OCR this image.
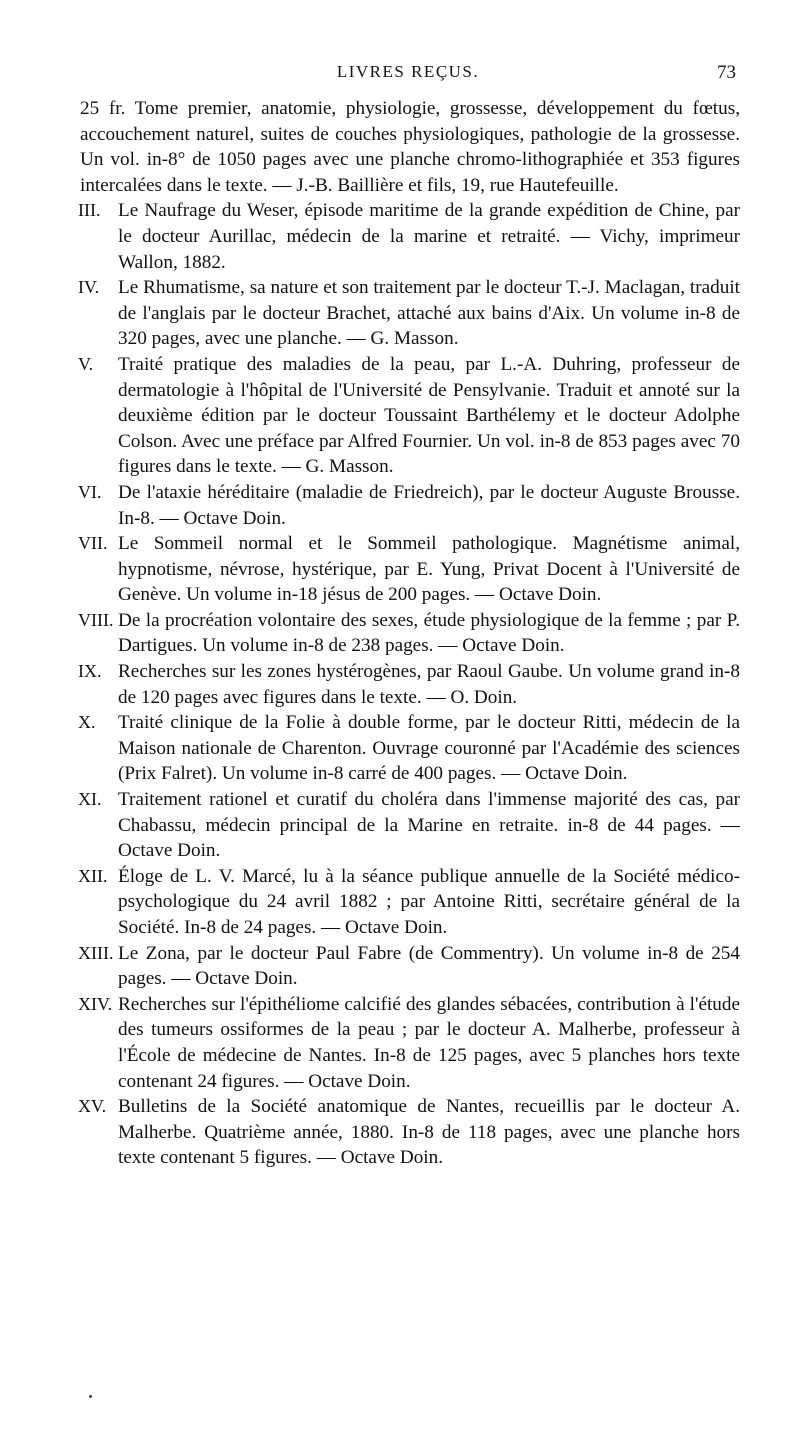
LIVRES REÇUS.	73

25 fr. Tome premier, anatomie, physiologie, grossesse, développement du fœtus, accouchement naturel, suites de couches physiologiques, pathologie de la grossesse. Un vol. in-8° de 1050 pages avec une planche chromo-lithographiée et 353 figures intercalées dans le texte. — J.-B. Baillière et fils, 19, rue Hautefeuille.

III. Le Naufrage du Weser, épisode maritime de la grande expédition de Chine, par le docteur Aurillac, médecin de la marine et retraité. — Vichy, imprimeur Wallon, 1882.

IV. Le Rhumatisme, sa nature et son traitement par le docteur T.-J. Maclagan, traduit de l'anglais par le docteur Brachet, attaché aux bains d'Aix. Un volume in-8 de 320 pages, avec une planche. — G. Masson.

V. Traité pratique des maladies de la peau, par L.-A. Duhring, professeur de dermatologie à l'hôpital de l'Université de Pensylvanie. Traduit et annoté sur la deuxième édition par le docteur Toussaint Barthélemy et le docteur Adolphe Colson. Avec une préface par Alfred Fournier. Un vol. in-8 de 853 pages avec 70 figures dans le texte. — G. Masson.

VI. De l'ataxie héréditaire (maladie de Friedreich), par le docteur Auguste Brousse. In-8. — Octave Doin.

VII. Le Sommeil normal et le Sommeil pathologique. Magnétisme animal, hypnotisme, névrose, hystérique, par E. Yung, Privat Docent à l'Université de Genève. Un volume in-18 jésus de 200 pages. — Octave Doin.

VIII. De la procréation volontaire des sexes, étude physiologique de la femme ; par P. Dartigues. Un volume in-8 de 238 pages. — Octave Doin.

IX. Recherches sur les zones hystérogènes, par Raoul Gaube. Un volume grand in-8 de 120 pages avec figures dans le texte. — O. Doin.

X. Traité clinique de la Folie à double forme, par le docteur Ritti, médecin de la Maison nationale de Charenton. Ouvrage couronné par l'Académie des sciences (Prix Falret). Un volume in-8 carré de 400 pages. — Octave Doin.

XI. Traitement rationel et curatif du choléra dans l'immense majorité des cas, par Chabassu, médecin principal de la Marine en retraite. in-8 de 44 pages. — Octave Doin.

XII. Éloge de L. V. Marcé, lu à la séance publique annuelle de la Société médico-psychologique du 24 avril 1882 ; par Antoine Ritti, secrétaire général de la Société. In-8 de 24 pages. — Octave Doin.

XIII. Le Zona, par le docteur Paul Fabre (de Commentry). Un volume in-8 de 254 pages. — Octave Doin.

XIV. Recherches sur l'épithéliome calcifié des glandes sébacées, contribution à l'étude des tumeurs ossiformes de la peau ; par le docteur A. Malherbe, professeur à l'École de médecine de Nantes. In-8 de 125 pages, avec 5 planches hors texte contenant 24 figures. — Octave Doin.

XV. Bulletins de la Société anatomique de Nantes, recueillis par le docteur A. Malherbe. Quatrième année, 1880. In-8 de 118 pages, avec une planche hors texte contenant 5 figures. — Octave Doin.
